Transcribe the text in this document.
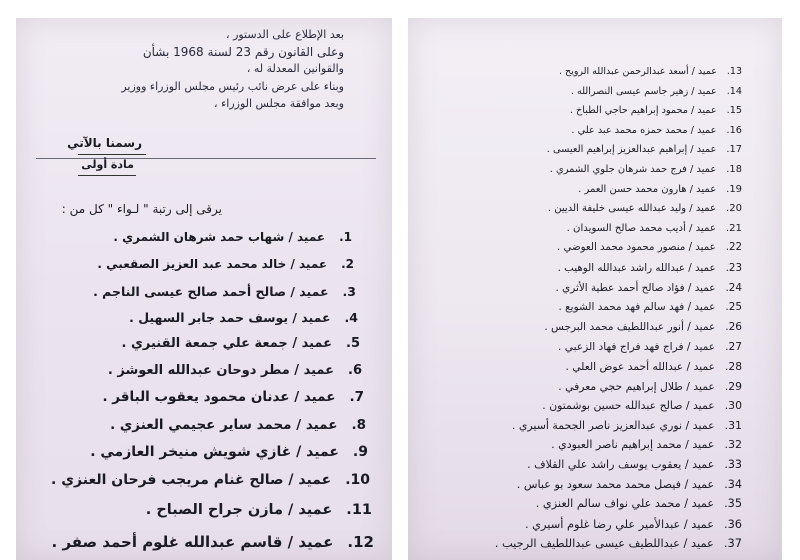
بعد الإطلاع على الدستور ،
وعلى القانون رقم 23 لسنة 1968 بشأن
والقوانين المعدلة له ،
وبناء على عرض نائب رئيس مجلس الوزراء ووزير
وبعد موافقة مجلس الوزراء ،
رسمنا بالآتي
مادة أولى
يرقى إلى رتبة " لـواء " كل من :
1.عميد / شهاب حمد شرهان الشمري .
2.عميد / خالد محمد عبد العزيز الصقعبي .
3.عميد / صالح أحمد صالح عيسى الناجم .
4.عميد / يوسف حمد جابر السهيل .
5.عميد / جمعة علي جمعة القنيري .
6.عميد / مطر دوحان عبدالله العوشز .
7.عميد / عدنان محمود يعقوب الباقر .
8.عميد / محمد ساير عجيمي العنزي .
9.عميد / غازي شويش منيخر العازمي .
10.عميد / صالح غنام مريجب فرحان العنزي .
11.عميد / مازن جراح الصباح .
12.عميد / قاسم عبدالله غلوم أحمد صفر .
13.عميد / أسعد عبدالرحمن عبدالله الرويح .
14.عميد / زهير جاسم عيسى النصرالله .
15.عميد / محمود إبراهيم حاجي الطباخ .
16.عميد / محمد حمزه محمد عبد علي .
17.عميد / إبراهيم عبدالعزيز إبراهيم العيسى .
18.عميد / فرج حمد شرهان جلوي الشمري .
19.عميد / هارون محمد حسن العمر .
20.عميد / وليد عبدالله عيسى خليفة الديين .
21.عميد / أديب محمد صالح السويدان .
22.عميد / منصور محمود محمد العوضي .
23.عميد / عبدالله راشد عبدالله الوهيب .
24.عميد / فؤاد صالح أحمد عطية الأثري .
25.عميد / فهد سالم فهد محمد الشويع .
26.عميد / أنور عبداللطيف محمد البرجس .
27.عميد / فراج فهد فراج فهاد الزعبي .
28.عميد / عبدالله أحمد عوض العلي .
29.عميد / طلال إبراهيم حجي معرفي .
30.عميد / صالح عبدالله حسين بوشمتون .
31.عميد / نوري عبدالعزيز ناصر الجحمة أسيري .
32.عميد / محمد إبراهيم ناصر العبودي .
33.عميد / يعقوب يوسف راشد علي القلاف .
34.عميد / فيصل محمد محمد سعود بو عباس .
35.عميد / محمد علي نواف سالم العنزي .
36.عميد / عبدالأمير علي رضا غلوم أسيري .
37.عميد / عبداللطيف عيسى عبداللطيف الرجيب .
